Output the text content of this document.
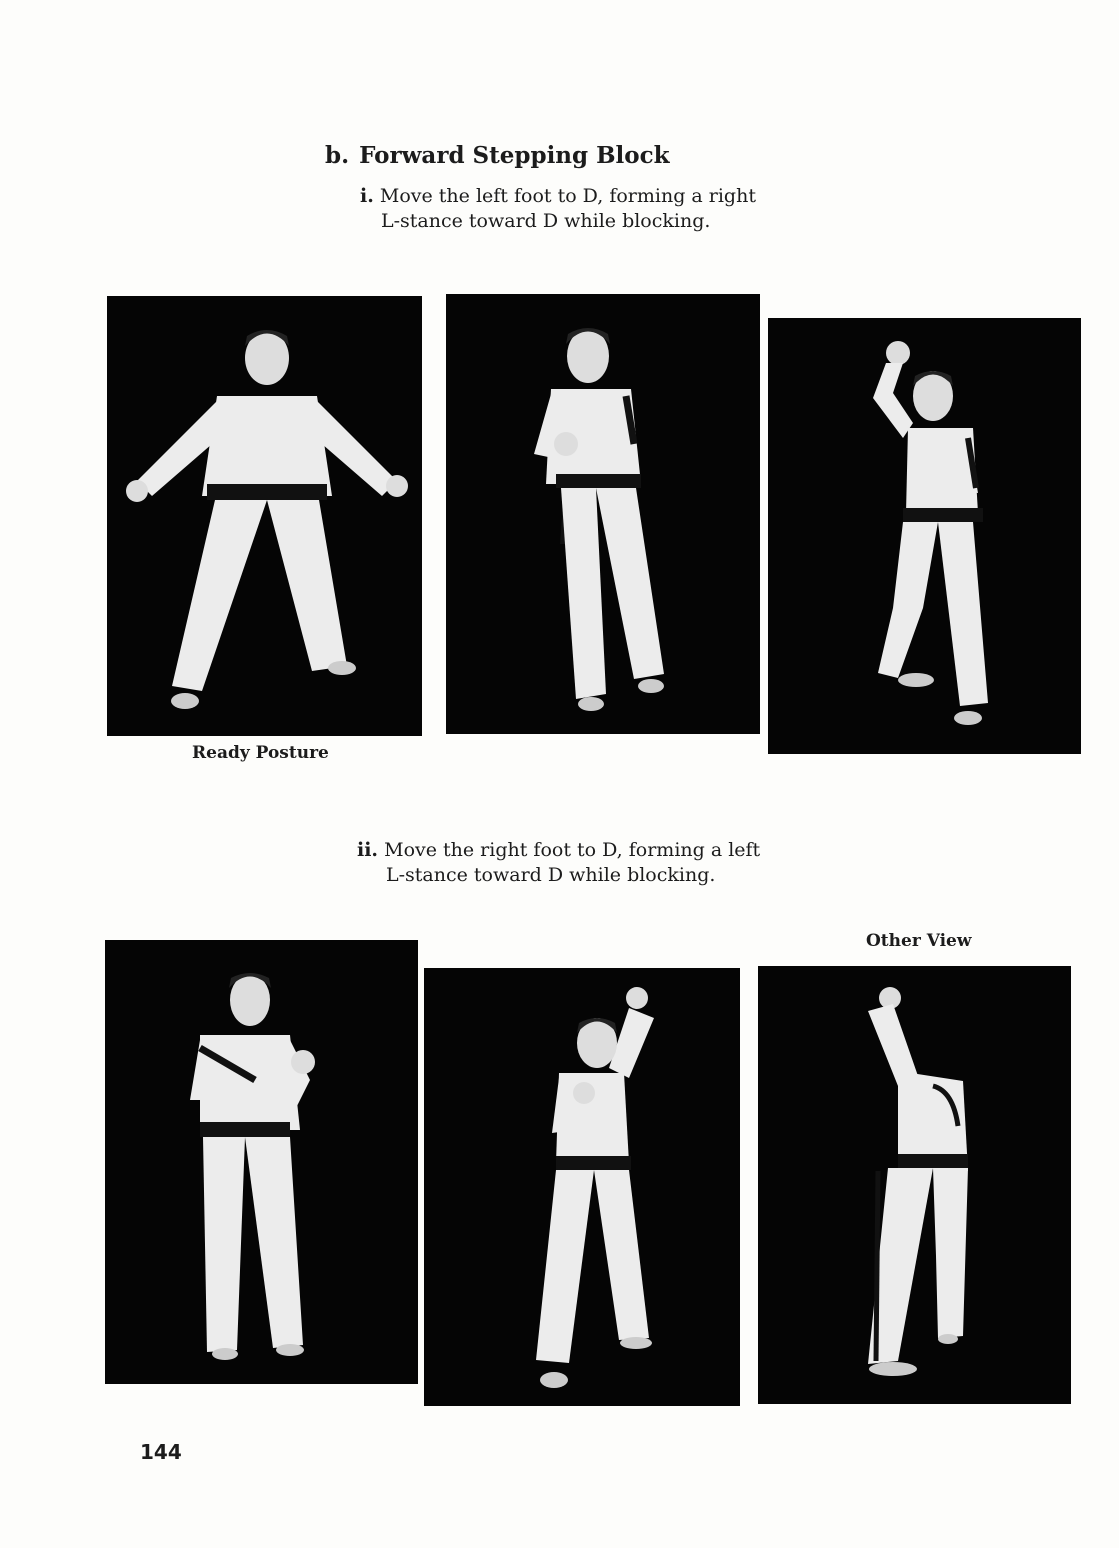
b. Forward Stepping Block
i. Move the left foot to D, forming a right
L-stance toward D while blocking.
Ready Posture
ii. Move the right foot to D, forming a left
L-stance toward D while blocking.
Other View
144
